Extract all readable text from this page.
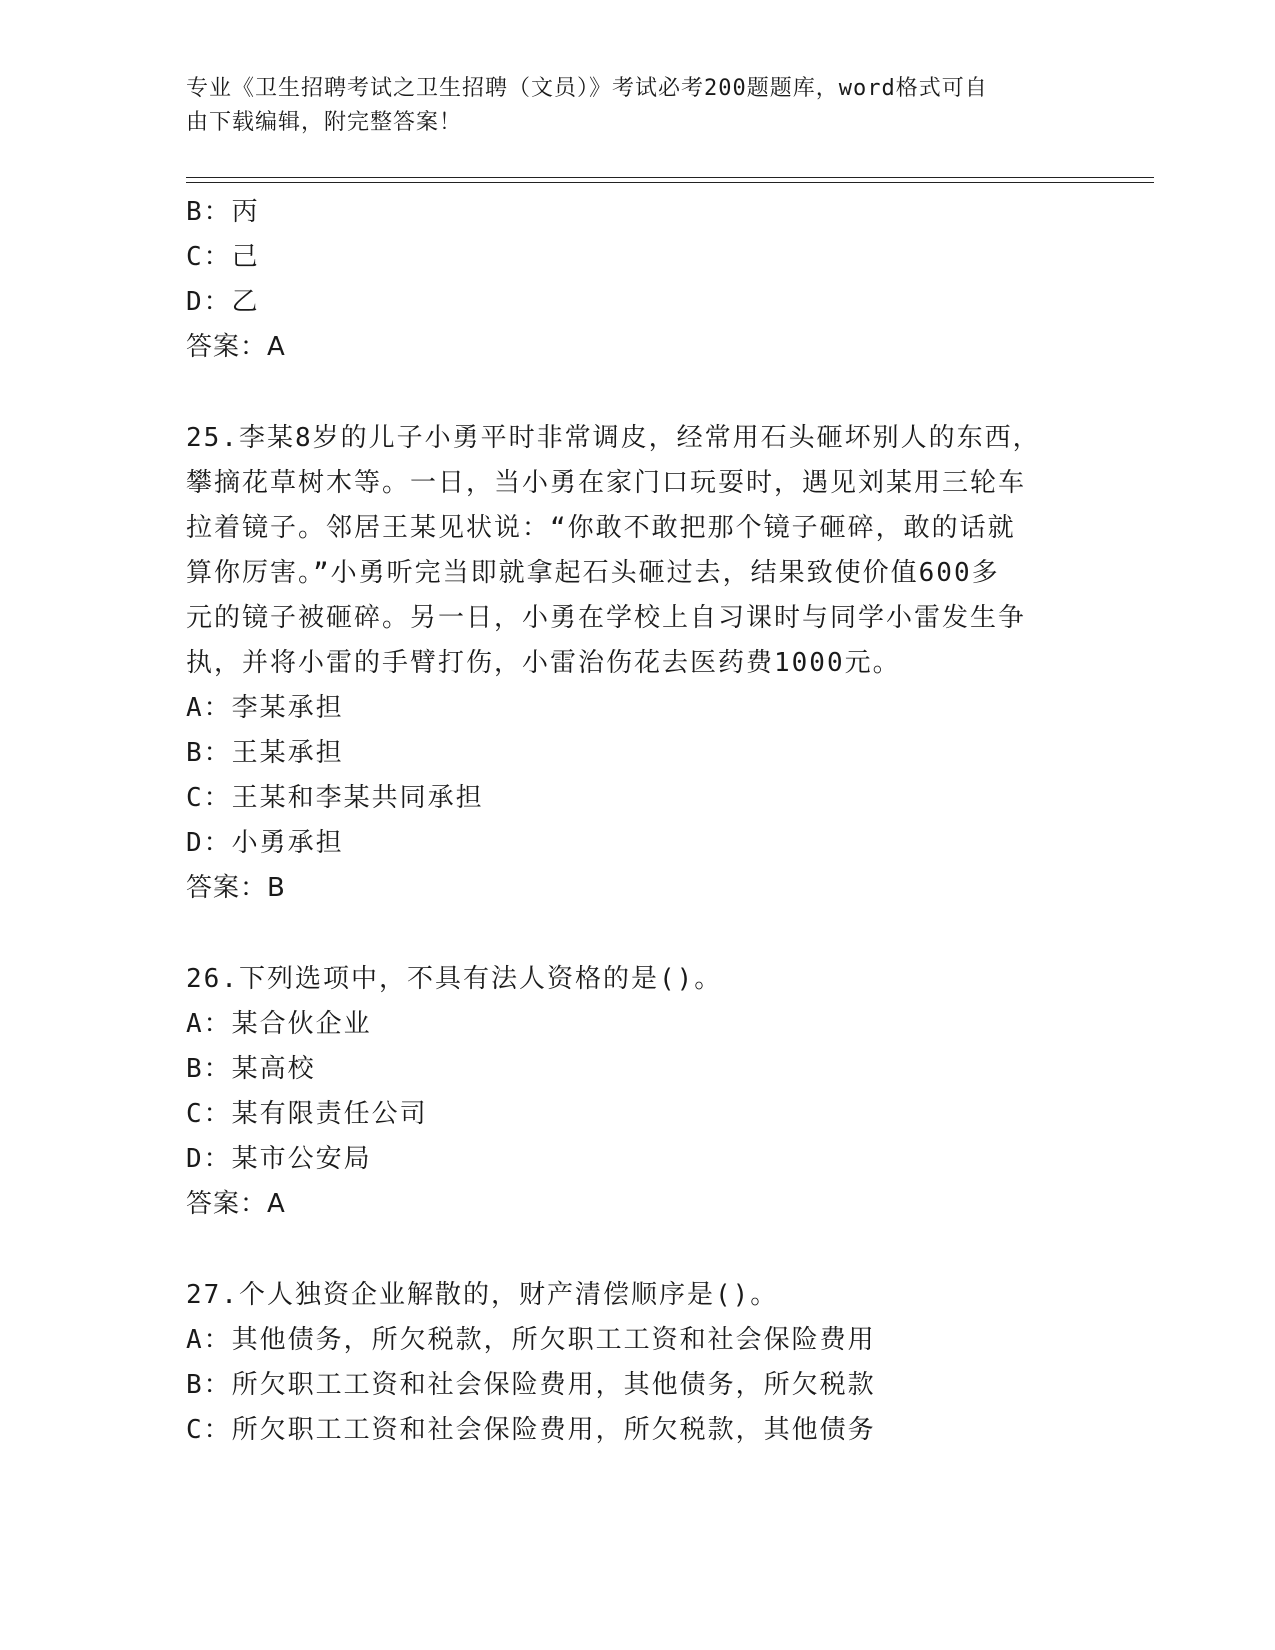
专业《卫生招聘考试之卫生招聘（文员）》考试必考200题题库，word格式可自
由下载编辑，附完整答案！
B：丙
C：己
D：乙
答案：A
25.李某8岁的儿子小勇平时非常调皮，经常用石头砸坏别人的东西，
攀摘花草树木等。一日，当小勇在家门口玩耍时，遇见刘某用三轮车
拉着镜子。邻居王某见状说：“你敢不敢把那个镜子砸碎，敢的话就
算你厉害。”小勇听完当即就拿起石头砸过去，结果致使价值600多
元的镜子被砸碎。另一日，小勇在学校上自习课时与同学小雷发生争
执，并将小雷的手臂打伤，小雷治伤花去医药费1000元。
A：李某承担
B：王某承担
C：王某和李某共同承担
D：小勇承担
答案：B
26.下列选项中，不具有法人资格的是()。
A：某合伙企业
B：某高校
C：某有限责任公司
D：某市公安局
答案：A
27.个人独资企业解散的，财产清偿顺序是()。
A：其他债务，所欠税款，所欠职工工资和社会保险费用
B：所欠职工工资和社会保险费用，其他债务，所欠税款
C：所欠职工工资和社会保险费用，所欠税款，其他债务
